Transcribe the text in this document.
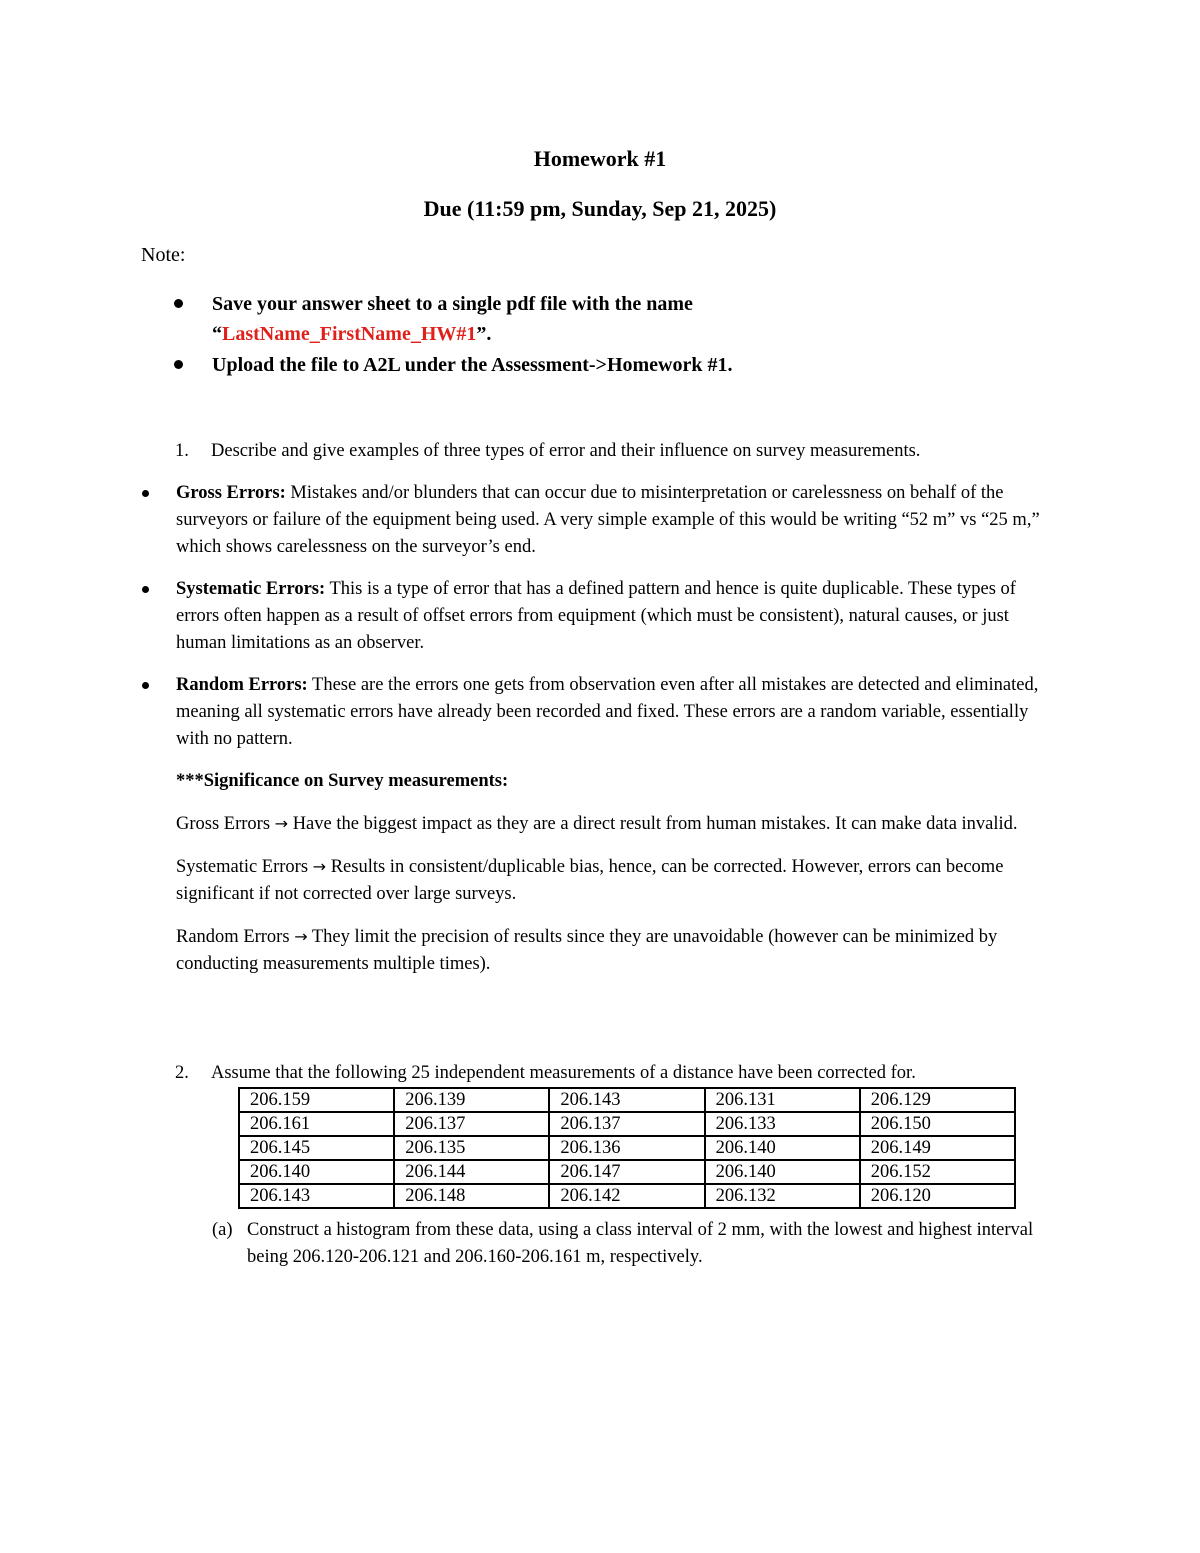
Homework #1
Due (11:59 pm, Sunday, Sep 21, 2025)
Note:
Save your answer sheet to a single pdf file with the name
“LastName_FirstName_HW#1”.
Upload the file to A2L under the Assessment->Homework #1.
1. Describe and give examples of three types of error and their influence on survey measurements.
Gross Errors: Mistakes and/or blunders that can occur due to misinterpretation or carelessness on behalf of the surveyors or failure of the equipment being used. A very simple example of this would be writing “52 m” vs “25 m,” which shows carelessness on the surveyor’s end.
Systematic Errors: This is a type of error that has a defined pattern and hence is quite duplicable. These types of errors often happen as a result of offset errors from equipment (which must be consistent), natural causes, or just human limitations as an observer.
Random Errors: These are the errors one gets from observation even after all mistakes are detected and eliminated, meaning all systematic errors have already been recorded and fixed. These errors are a random variable, essentially with no pattern.

***Significance on Survey measurements:

Gross Errors → Have the biggest impact as they are a direct result from human mistakes. It can make data invalid.

Systematic Errors → Results in consistent/duplicable bias, hence, can be corrected. However, errors can become significant if not corrected over large surveys.

Random Errors → They limit the precision of results since they are unavoidable (however can be minimized by conducting measurements multiple times).

2. Assume that the following 25 independent measurements of a distance have been corrected for.
206.159	206.139	206.143	206.131	206.129
206.161	206.137	206.137	206.133	206.150
206.145	206.135	206.136	206.140	206.149
206.140	206.144	206.147	206.140	206.152
206.143	206.148	206.142	206.132	206.120
(a) Construct a histogram from these data, using a class interval of 2 mm, with the lowest and highest interval being 206.120-206.121 and 206.160-206.161 m, respectively.
